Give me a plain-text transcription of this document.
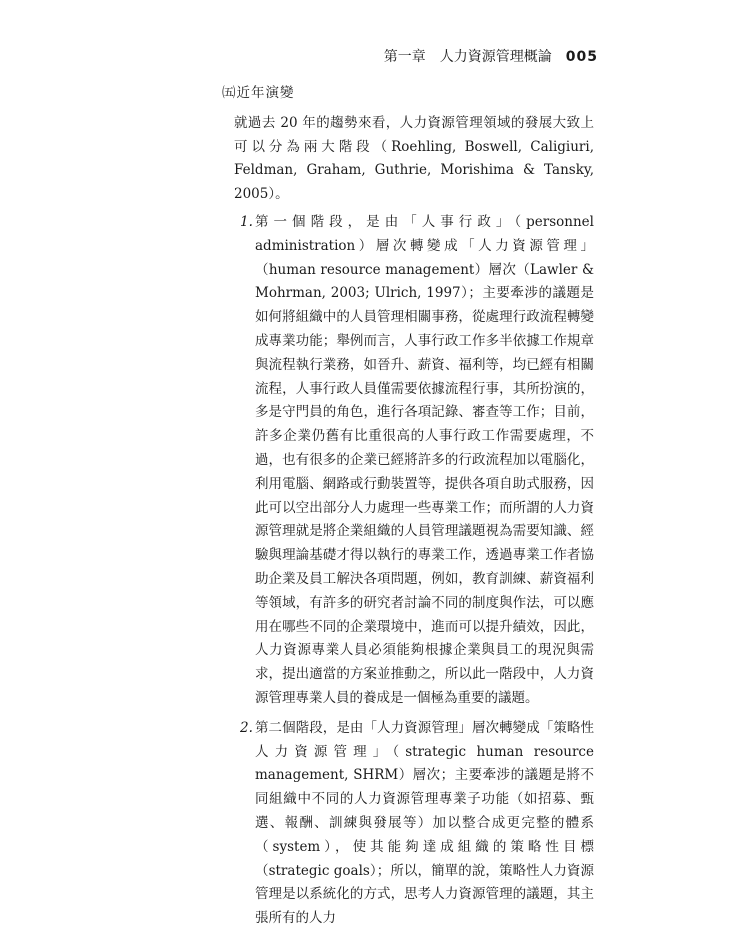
第一章 人力資源管理概論 005
㈤近年演變

就過去 20 年的趨勢來看，人力資源管理領域的發展大致上可以分為兩大階段（Roehling, Boswell, Caligiuri, Feldman, Graham, Guthrie, Morishima & Tansky, 2005）。

1. 第一個階段，是由「人事行政」（personnel administration）層次轉變成「人力資源管理」（human resource management）層次（Lawler & Mohrman, 2003; Ulrich, 1997）；主要牽涉的議題是如何將組織中的人員管理相關事務，從處理行政流程轉變成專業功能；舉例而言，人事行政工作多半依據工作規章與流程執行業務，如晉升、薪資、福利等，均已經有相關流程，人事行政人員僅需要依據流程行事，其所扮演的，多是守門員的角色，進行各項記錄、審查等工作；目前，許多企業仍舊有比重很高的人事行政工作需要處理，不過，也有很多的企業已經將許多的行政流程加以電腦化，利用電腦、網路或行動裝置等，提供各項自助式服務，因此可以空出部分人力處理一些專業工作；而所謂的人力資源管理就是將企業組織的人員管理議題視為需要知識、經驗與理論基礎才得以執行的專業工作，透過專業工作者協助企業及員工解決各項問題，例如，教育訓練、薪資福利等領域，有許多的研究者討論不同的制度與作法，可以應用在哪些不同的企業環境中，進而可以提升績效，因此，人力資源專業人員必須能夠根據企業與員工的現況與需求，提出適當的方案並推動之，所以此一階段中，人力資源管理專業人員的養成是一個極為重要的議題。
2. 第二個階段，是由「人力資源管理」層次轉變成「策略性人力資源管理」（strategic human resource management, SHRM）層次；主要牽涉的議題是將不同組織中不同的人力資源管理專業子功能（如招募、甄選、報酬、訓練與發展等）加以整合成更完整的體系（system），使其能夠達成組織的策略性目標（strategic goals）；所以，簡單的說，策略性人力資源管理是以系統化的方式，思考人力資源管理的議題，其主張所有的人力
